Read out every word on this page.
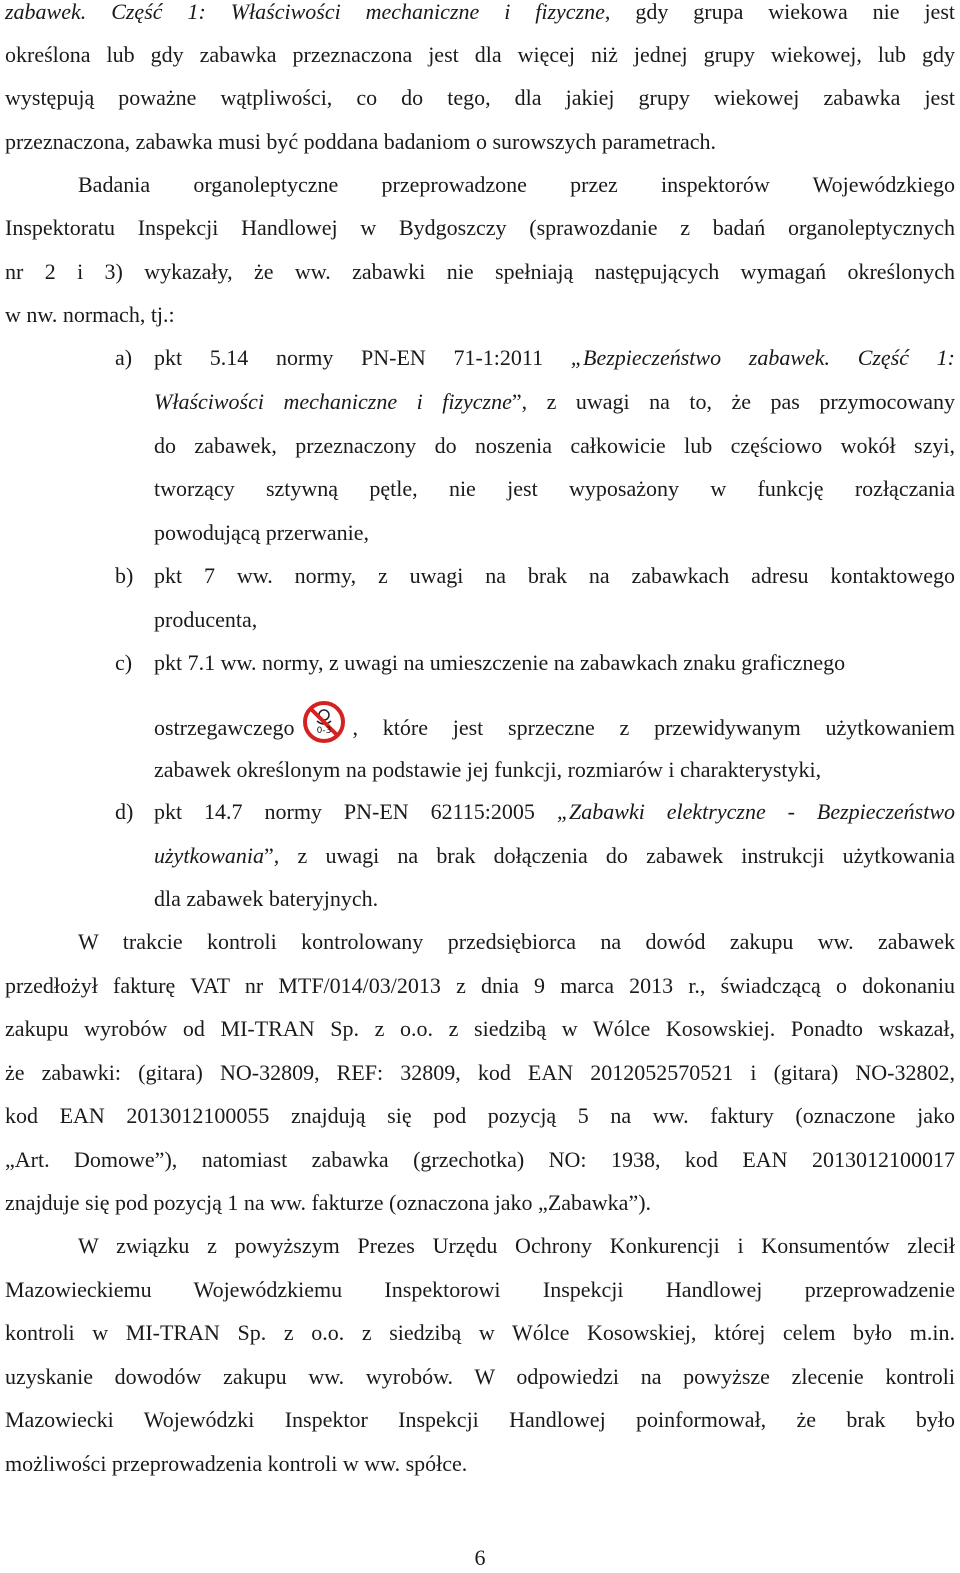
zabawek. Część 1: Właściwości mechaniczne i fizyczne, gdy grupa wiekowa nie jest
określona lub gdy zabawka przeznaczona jest dla więcej niż jednej grupy wiekowej, lub gdy
występują poważne wątpliwości, co do tego, dla jakiej grupy wiekowej zabawka jest
przeznaczona, zabawka musi być poddana badaniom o surowszych parametrach.
Badania organoleptyczne przeprowadzone przez inspektorów Wojewódzkiego
Inspektoratu Inspekcji Handlowej w Bydgoszczy (sprawozdanie z badań organoleptycznych
nr 2 i 3) wykazały, że ww. zabawki nie spełniają następujących wymagań określonych
w nw. normach, tj.:
a) pkt 5.14 normy PN-EN 71-1:2011 „Bezpieczeństwo zabawek. Część 1:
Właściwości mechaniczne i fizyczne”, z uwagi na to, że pas przymocowany
do zabawek, przeznaczony do noszenia całkowicie lub częściowo wokół szyi,
tworzący sztywną pętle, nie jest wyposażony w funkcję rozłączania
powodującą przerwanie,
b) pkt 7 ww. normy, z uwagi na brak na zabawkach adresu kontaktowego
producenta,
c) pkt 7.1 ww. normy, z uwagi na umieszczenie na zabawkach znaku graficznego
ostrzegawczego	0-3 , które jest sprzeczne z przewidywanym użytkowaniem
zabawek określonym na podstawie jej funkcji, rozmiarów i charakterystyki,
d) pkt 14.7 normy PN-EN 62115:2005 „Zabawki elektryczne - Bezpieczeństwo
użytkowania”, z uwagi na brak dołączenia do zabawek instrukcji użytkowania
dla zabawek bateryjnych.
W trakcie kontroli kontrolowany przedsiębiorca na dowód zakupu ww. zabawek
przedłożył fakturę VAT nr MTF/014/03/2013 z dnia 9 marca 2013 r., świadczącą o dokonaniu
zakupu wyrobów od MI-TRAN Sp. z o.o. z siedzibą w Wólce Kosowskiej. Ponadto wskazał,
że zabawki: (gitara) NO-32809, REF: 32809, kod EAN 2012052570521 i (gitara) NO-32802,
kod EAN 2013012100055 znajdują się pod pozycją 5 na ww. faktury (oznaczone jako
„Art. Domowe”), natomiast zabawka (grzechotka) NO: 1938, kod EAN 2013012100017
znajduje się pod pozycją 1 na ww. fakturze (oznaczona jako „Zabawka”).
W związku z powyższym Prezes Urzędu Ochrony Konkurencji i Konsumentów zlecił
Mazowieckiemu Wojewódzkiemu Inspektorowi Inspekcji Handlowej przeprowadzenie
kontroli w MI-TRAN Sp. z o.o. z siedzibą w Wólce Kosowskiej, której celem było m.in.
uzyskanie dowodów zakupu ww. wyrobów. W odpowiedzi na powyższe zlecenie kontroli
Mazowiecki Wojewódzki Inspektor Inspekcji Handlowej poinformował, że brak było
możliwości przeprowadzenia kontroli w ww. spółce.
6
